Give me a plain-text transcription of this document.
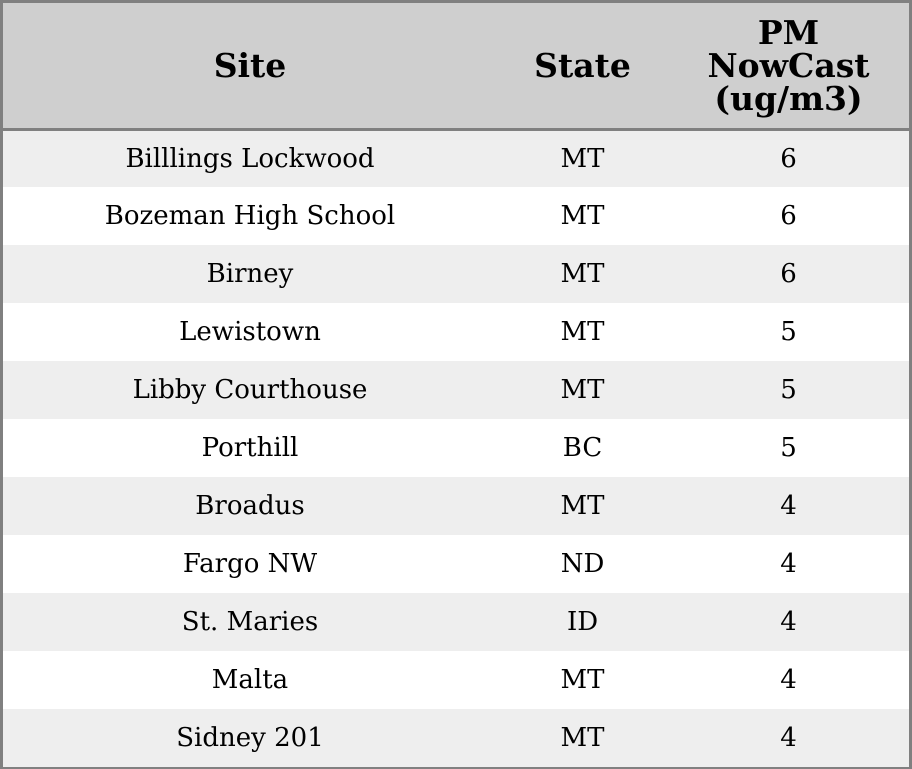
Site	State	PM
NowCast
(ug/m3)

Billlings Lockwood	MT	6
Bozeman High School	MT	6
Birney	MT	6
Lewistown	MT	5
Libby Courthouse	MT	5
Porthill	BC	5
Broadus	MT	4
Fargo NW	ND	4
St. Maries	ID	4
Malta	MT	4
Sidney 201	MT	4
